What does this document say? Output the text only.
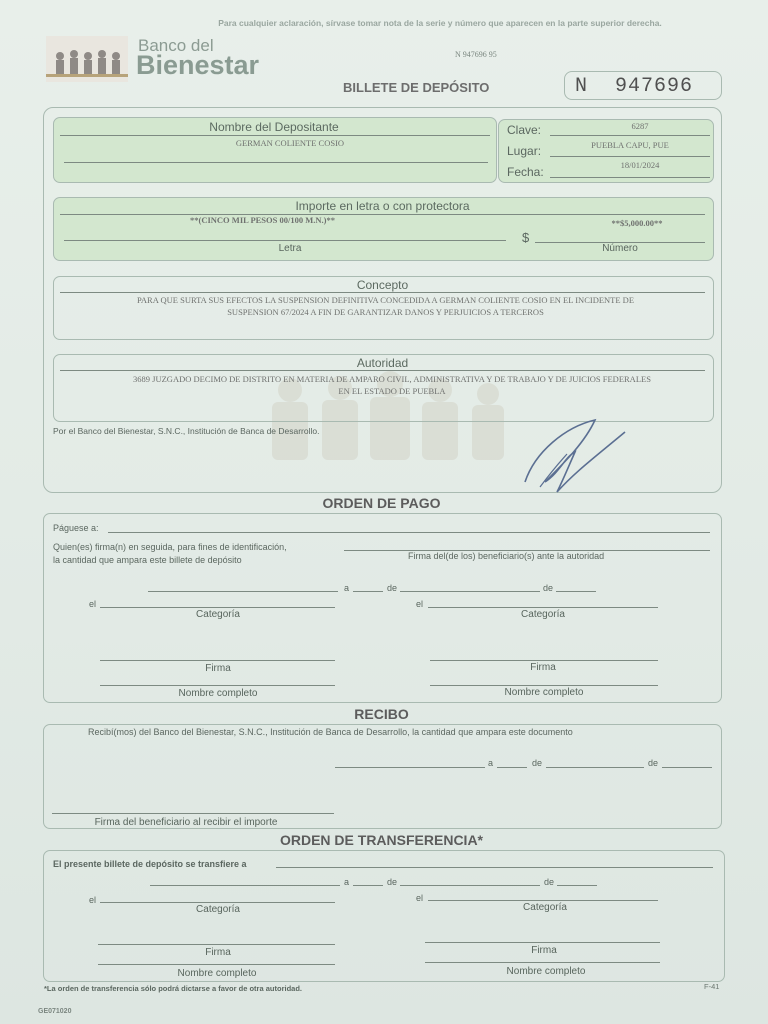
Para cualquier aclaración, sírvase tomar nota de la serie y número que aparecen en la parte superior derecha.
Banco del
Bienestar	N 947696 95
BILLETE DE DEPÓSITO	N 947696
Nombre del Depositante
GERMAN COLIENTE COSIO
Clave:	6287
Lugar:	PUEBLA CAPU, PUE
Fecha:	18/01/2024
Importe en letra o con protectora
**(CINCO MIL PESOS 00/100 M.N.)**	**$5,000.00**
$
Letra	Número
Concepto
PARA QUE SURTA SUS EFECTOS LA SUSPENSION DEFINITIVA CONCEDIDA A GERMAN COLIENTE COSIO EN EL INCIDENTE DE
SUSPENSION 67/2024 A FIN DE GARANTIZAR DANOS Y PERJUICIOS A TERCEROS
Autoridad
3689 JUZGADO DECIMO DE DISTRITO EN MATERIA DE AMPARO CIVIL, ADMINISTRATIVA Y DE TRABAJO Y DE JUICIOS FEDERALES
EN EL ESTADO DE PUEBLA
Por el Banco del Bienestar, S.N.C., Institución de Banca de Desarrollo.
ORDEN DE PAGO
Páguese a:
Quien(es) firma(n) en seguida, para fines de identificación,
la cantidad que ampara este billete de depósito	Firma del(de los) beneficiario(s) ante la autoridad
a	de	de
el	el
Categoría	Categoría
Firma	Firma
Nombre completo	Nombre completo
RECIBO
Recibí(mos) del Banco del Bienestar, S.N.C., Institución de Banca de Desarrollo, la cantidad que ampara este documento
a	de	de
Firma del beneficiario al recibir el importe
ORDEN DE TRANSFERENCIA*
El presente billete de depósito se transfiere a
a	de	de
el	el
Categoría	Categoría
Firma	Firma
Nombre completo	Nombre completo
*La orden de transferencia sólo podrá dictarse a favor de otra autoridad.	F-41
GE071020
